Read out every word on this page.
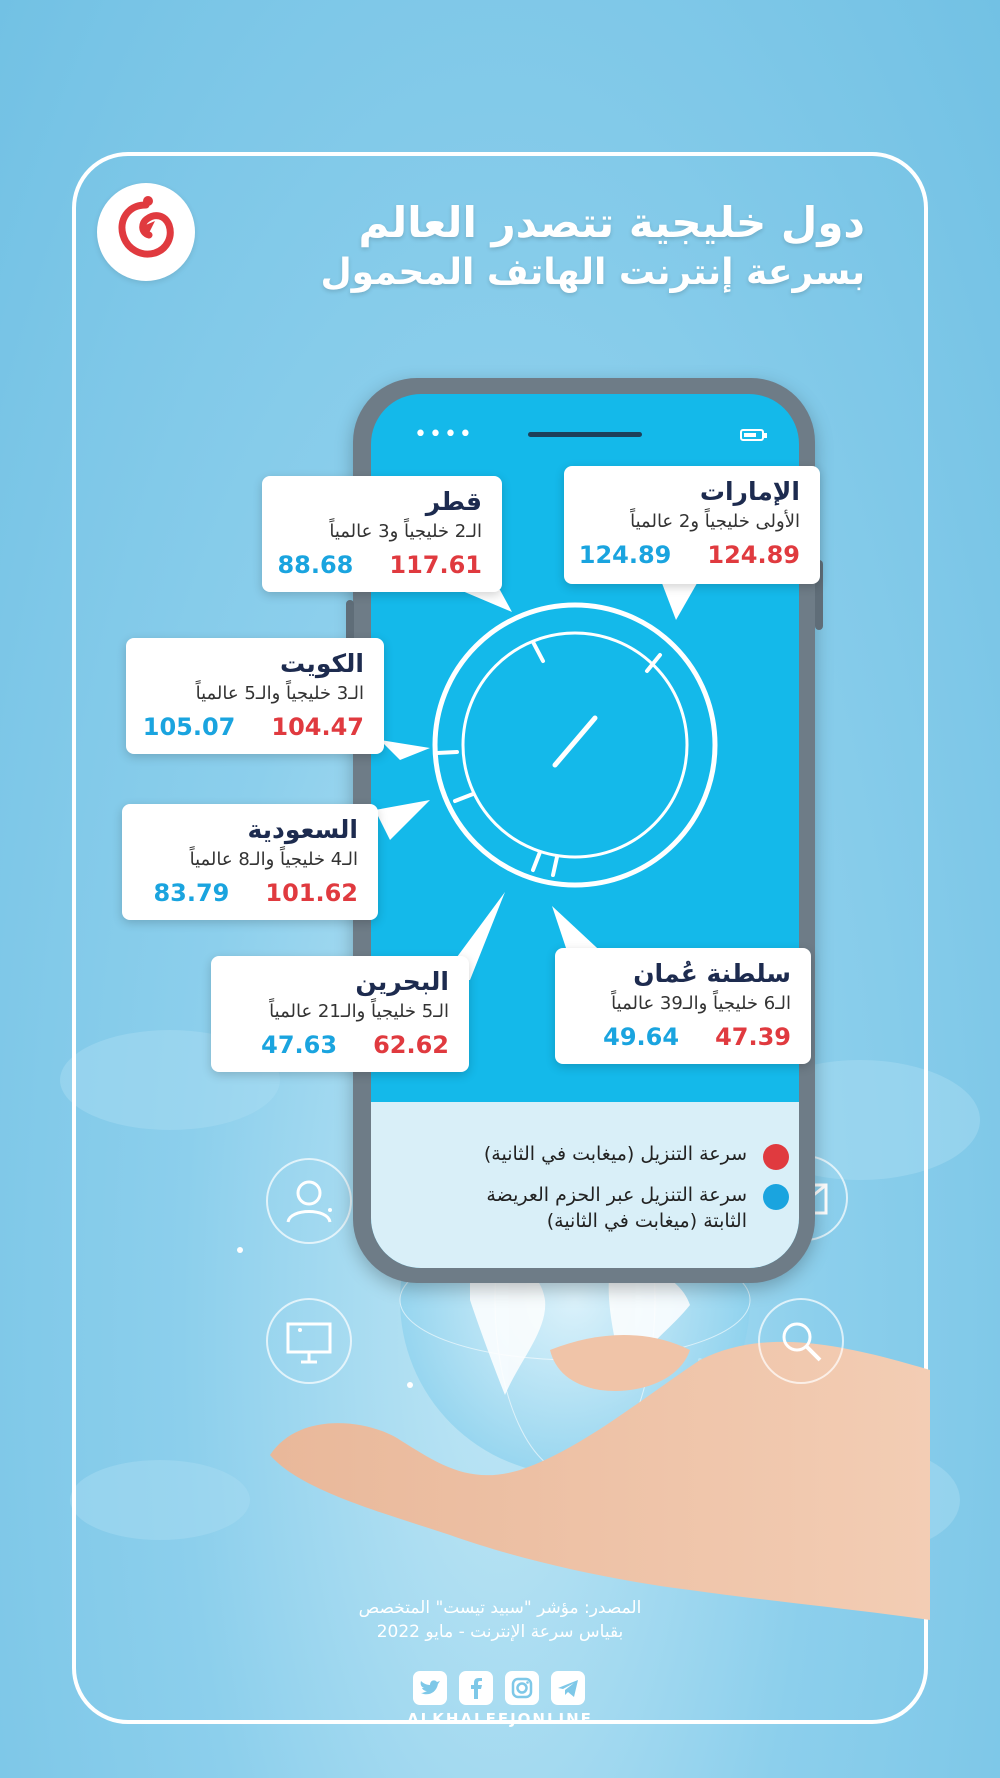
دول خليجية تتصدر العالم
بسرعة إنترنت الهاتف المحمول
••••
الإمارات
الأولى خليجياً و2 عالمياً
124.89
124.89
قطر
الـ2 خليجياً و3 عالمياً
117.61
88.68
الكويت
الـ3 خليجياً والـ5 عالمياً
104.47
105.07
السعودية
الـ4 خليجياً والـ8 عالمياً
101.62
83.79
البحرين
الـ5 خليجياً والـ21 عالمياً
62.62
47.63
سلطنة عُمان
الـ6 خليجياً والـ39 عالمياً
47.39
49.64
سرعة التنزيل (ميغابت في الثانية)
سرعة التنزيل عبر الحزم العريضة
الثابتة (ميغابت في الثانية)
المصدر: مؤشر "سبيد تيست" المتخصص
بقياس سرعة الإنترنت - مايو 2022
ALKHALEEJONLINE
